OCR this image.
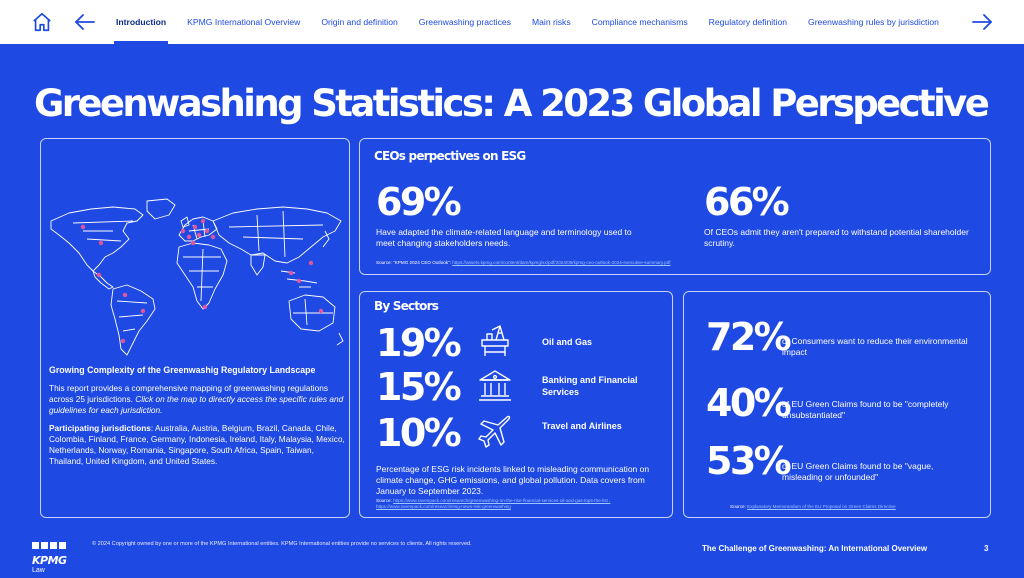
Introduction	KPMG International Overview	Origin and definition	Greenwashing practices	Main risks	Compliance mechanisms	Regulatory definition	Greenwashing rules by jurisdiction
Greenwashing Statistics: A 2023 Global Perspective
Growing Complexity of the Greenwashig Regulatory Landscape
This report provides a comprehensive mapping of greenwashing regulations across 25 jurisdictions. Click on the map to directly access the specific rules and guidelines for each jurisdiction.
Participating jurisdictions: Australia, Austria, Belgium, Brazil, Canada, Chile, Colombia, Finland, France, Germany, Indonesia, Ireland, Italy, Malaysia, Mexico, Netherlands, Norway, Romania, Singapore, South Africa, Spain, Taiwan, Thailand, United Kingdom, and United States.
CEOs perpectives on ESG
69%
Have adapted the climate-related language and terminology used to meet changing stakeholders needs.
66%
Of CEOs admit they aren't prepared to withstand potential shareholder scrutiny.
Source: "KPMG 2024 CEO Outlook": https://assets.kpmg.com/content/dam/kpmg/xx/pdf/2024/09/kpmg-ceo-outlook-2024-executive-summary.pdf
By Sectors
19%	Oil and Gas
15%	Banking and Financial Services
10%	Travel and Airlines
Percentage of ESG risk incidents linked to misleading communication on climate change, GHG emissions, and global pollution. Data covers from January to September 2023.
Source: https://www.ravenpack.com/research/greenwashing-on-the-rise-financial-services-oil-and-gas-tops-the-list ; https://www.ravenpack.com/research/esg-news-risk-greenwashing
72%
of Consumers want to reduce their environmental impact
40%
of EU Green Claims found to be "completely unsubstantiated"
53%
of EU Green Claims found to be "vague, misleading or unfounded"
Source: Explanatory Memorandum of the EU Proposal on Green Claims Directive
KPMG
Law
© 2024 Copyright owned by one or more of the KPMG International entities. KPMG International entities provide no services to clients. All rights reserved.	The Challenge of Greenwashing: An International Overview	3
